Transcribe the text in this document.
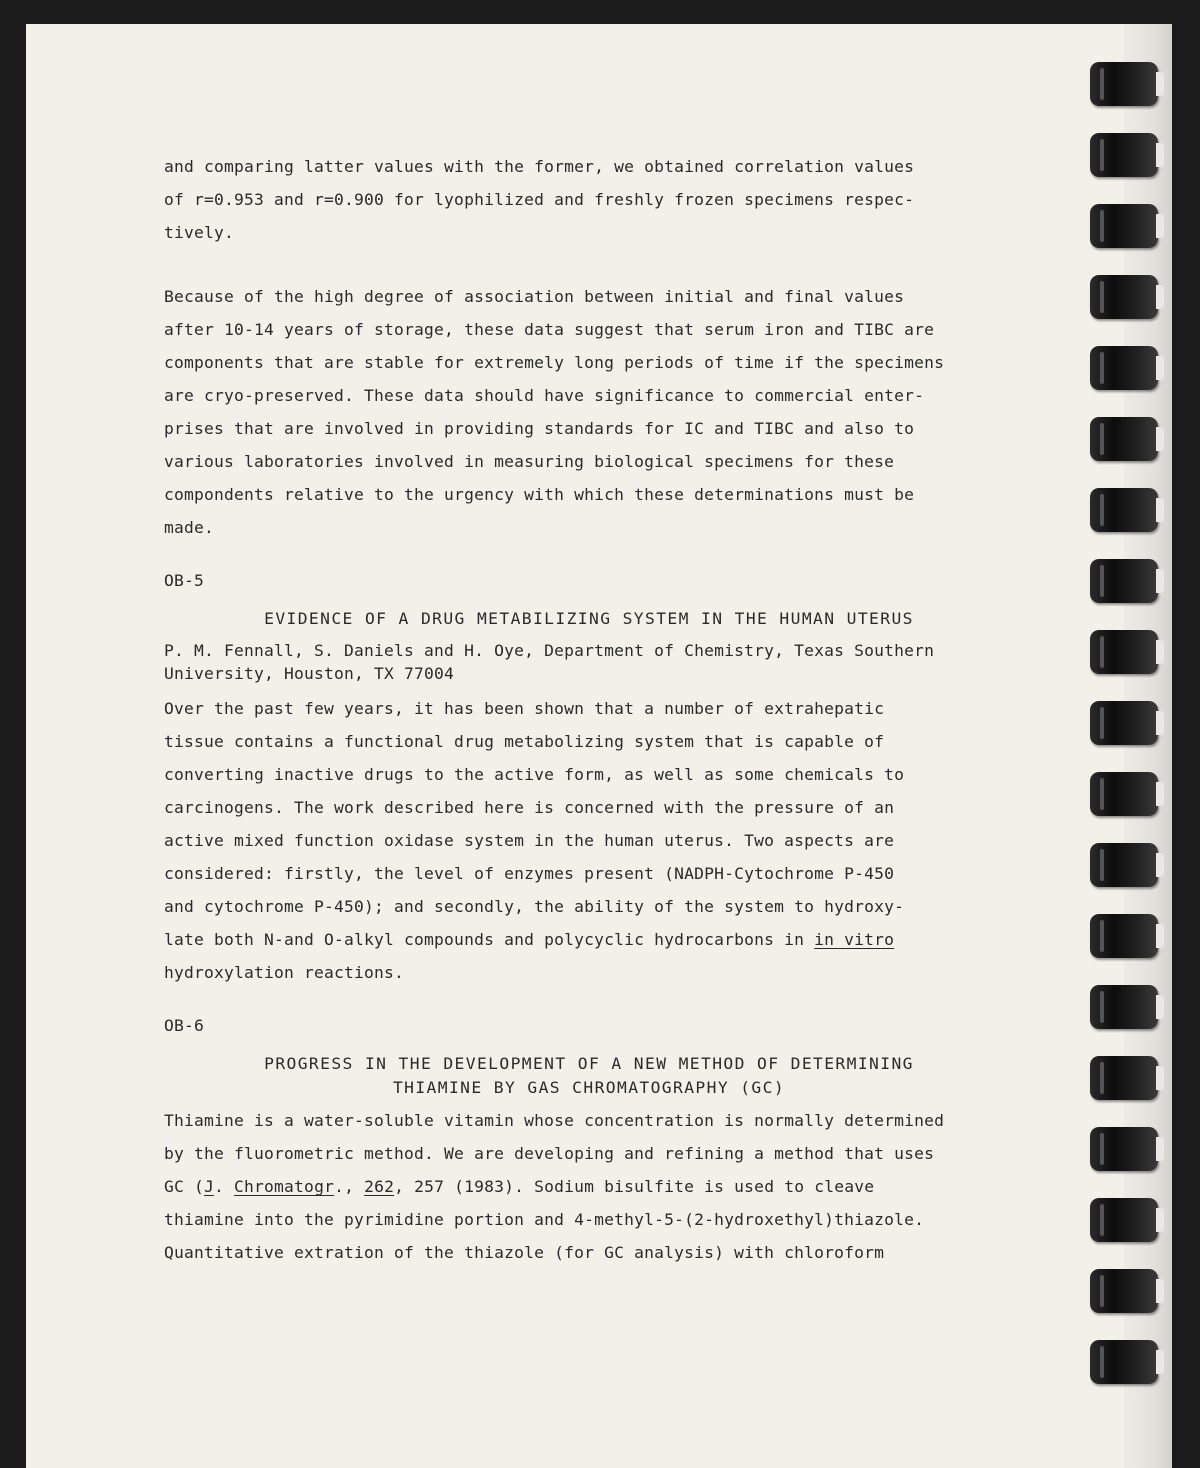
and comparing latter values with the former, we obtained correlation values
of r=0.953 and r=0.900 for lyophilized and freshly frozen specimens respec-
tively.

Because of the high degree of association between initial and final values
after 10-14 years of storage, these data suggest that serum iron and TIBC are
components that are stable for extremely long periods of time if the specimens
are cryo-preserved. These data should have significance to commercial enter-
prises that are involved in providing standards for IC and TIBC and also to
various laboratories involved in measuring biological specimens for these
compondents relative to the urgency with which these determinations must be
made.

OB-5

EVIDENCE OF A DRUG METABILIZING SYSTEM IN THE HUMAN UTERUS

P. M. Fennall, S. Daniels and H. Oye, Department of Chemistry, Texas Southern
University, Houston, TX 77004

Over the past few years, it has been shown that a number of extrahepatic
tissue contains a functional drug metabolizing system that is capable of
converting inactive drugs to the active form, as well as some chemicals to
carcinogens. The work described here is concerned with the pressure of an
active mixed function oxidase system in the human uterus. Two aspects are
considered: firstly, the level of enzymes present (NADPH-Cytochrome P-450
and cytochrome P-450); and secondly, the ability of the system to hydroxy-
late both N-and O-alkyl compounds and polycyclic hydrocarbons in in vitro
hydroxylation reactions.

OB-6

PROGRESS IN THE DEVELOPMENT OF A NEW METHOD OF DETERMINING
THIAMINE BY GAS CHROMATOGRAPHY (GC)

Thiamine is a water-soluble vitamin whose concentration is normally determined
by the fluorometric method. We are developing and refining a method that uses
GC (J. Chromatogr., 262, 257 (1983). Sodium bisulfite is used to cleave
thiamine into the pyrimidine portion and 4-methyl-5-(2-hydroxethyl)thiazole.
Quantitative extration of the thiazole (for GC analysis) with chloroform
